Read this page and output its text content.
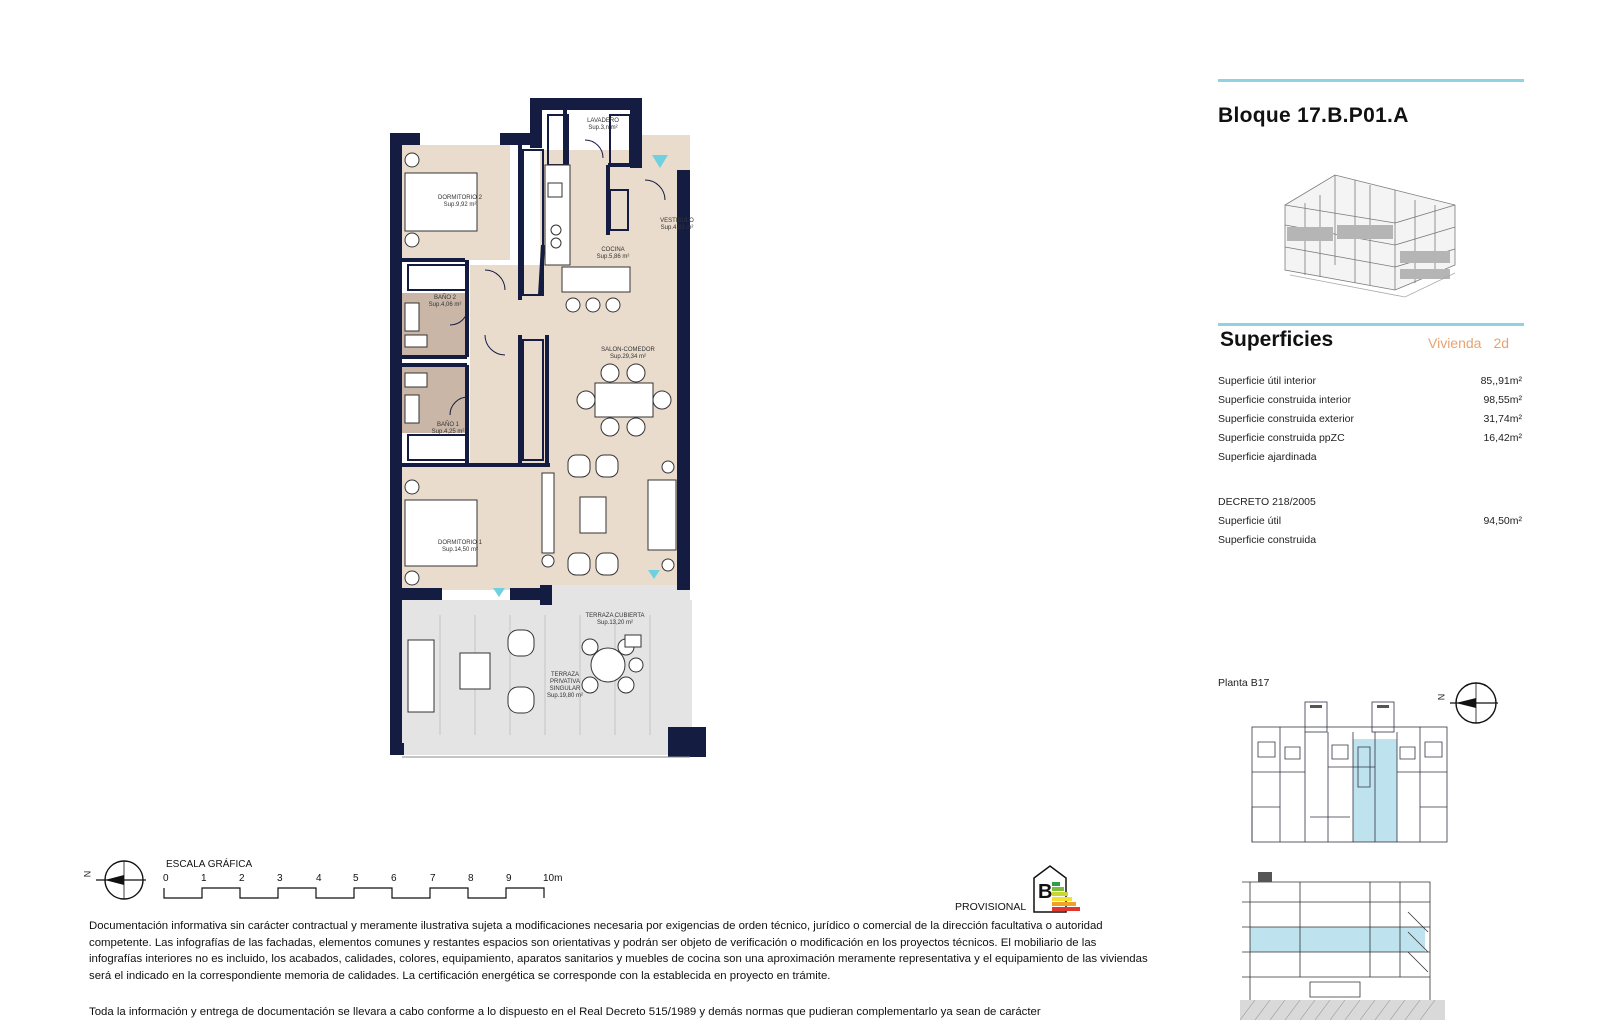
Bloque 17.B.P01.A
Superficies	Vivienda 2d
Superficie útil interior	85,,91m²
Superficie construida interior	98,55m²
Superficie construida exterior	31,74m²
Superficie construida ppZC	16,42m²
Superficie ajardinada
DECRETO 218/2005
Superficie útil	94,50m²
Superficie construida
Planta B17
N
LAVADERO
Sup.3,n m²
DORMITORIO 2
Sup.9,92 m²
VESTIBULO
Sup.4,83 m²
COCINA
Sup.5,86 m²
BAÑO 2
Sup.4,06 m²
SALON-COMEDOR
Sup.29,34 m²
BAÑO 1
Sup.4,25 m²
DORMITORIO 1
Sup.14,50 m²
TERRAZA CUBIERTA
Sup.13,20 m²
TERRAZA PRIVATIVA SINGULAR
Sup.19,80 m²
N
ESCALA GRÁFICA
0	1	2	3	4	5	6	7	8	9	10m
PROVISIONAL
B
Documentación informativa sin carácter contractual y meramente ilustrativa sujeta a modificaciones necesaria por exigencias de orden técnico, jurídico o comercial de la dirección facultativa o autoridad competente. Las infografías de las fachadas, elementos comunes y restantes espacios son orientativas y podrán ser objeto de verificación o modificación en los proyectos técnicos. El mobiliario de las infografías interiores no es incluido, los acabados, calidades, colores, equipamiento, aparatos sanitarios y muebles de cocina son una aproximación meramente representativa y el equipamiento de las viviendas será el indicado en la correspondiente memoria de calidades. La certificación energética se corresponde con la establecida en proyecto en trámite.
Toda la información y entrega de documentación se llevara a cabo conforme a lo dispuesto en el Real Decreto 515/1989 y demás normas que pudieran complementarlo ya sean de carácter
